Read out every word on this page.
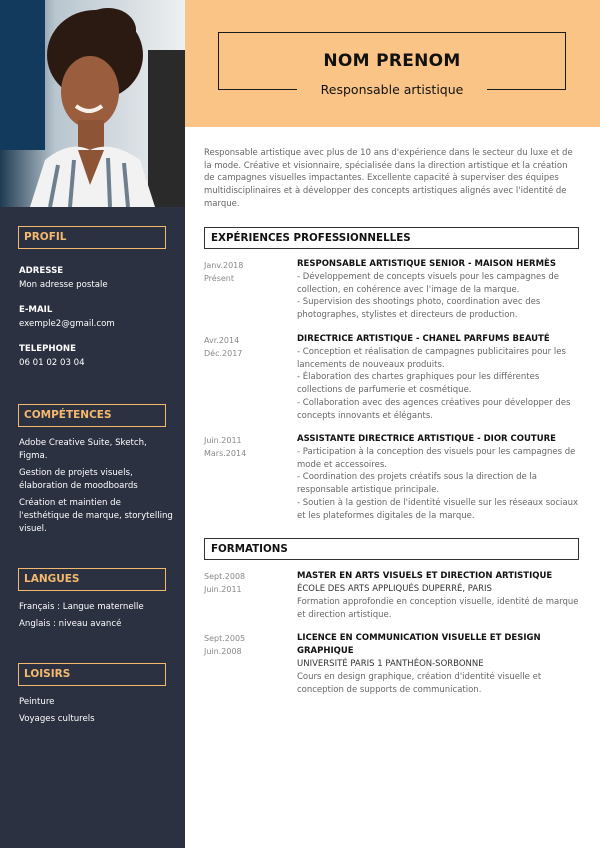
PROFIL
ADRESSE
Mon adresse postale
E-MAIL
exemple2@gmail.com
TELEPHONE
06 01 02 03 04
COMPÉTENCES
Adobe Creative Suite, Sketch, Figma.
Gestion de projets visuels, élaboration de moodboards
Création et maintien de l'esthétique de marque, storytelling visuel.
LANGUES
Français : Langue maternelle
Anglais : niveau avancé
LOISIRS
Peinture
Voyages culturels
NOM PRENOM
Responsable artistique
Responsable artistique avec plus de 10 ans d'expérience dans le secteur du luxe et de la mode. Créative et visionnaire, spécialisée dans la direction artistique et la création de campagnes visuelles impactantes. Excellente capacité à superviser des équipes multidisciplinaires et à développer des concepts artistiques alignés avec l'identité de marque.
EXPÉRIENCES PROFESSIONNELLES
Janv.2018
Présent
RESPONSABLE ARTISTIQUE SENIOR - MAISON HERMÈS
- Développement de concepts visuels pour les campagnes de collection, en cohérence avec l'image de la marque.
- Supervision des shootings photo, coordination avec des photographes, stylistes et directeurs de production.
Avr.2014
Déc.2017
DIRECTRICE ARTISTIQUE - CHANEL PARFUMS BEAUTÉ
- Conception et réalisation de campagnes publicitaires pour les lancements de nouveaux produits.
- Élaboration des chartes graphiques pour les différentes collections de parfumerie et cosmétique.
- Collaboration avec des agences créatives pour développer des concepts innovants et élégants.
Juin.2011
Mars.2014
ASSISTANTE DIRECTRICE ARTISTIQUE - DIOR COUTURE
- Participation à la conception des visuels pour les campagnes de mode et accessoires.
- Coordination des projets créatifs sous la direction de la responsable artistique principale.
- Soutien à la gestion de l'identité visuelle sur les réseaux sociaux et les plateformes digitales de la marque.
FORMATIONS
Sept.2008
Juin.2011
MASTER EN ARTS VISUELS ET DIRECTION ARTISTIQUE
ÉCOLE DES ARTS APPLIQUÉS DUPERRÉ, PARIS
Formation approfondie en conception visuelle, identité de marque et direction artistique.
Sept.2005
Juin.2008
LICENCE EN COMMUNICATION VISUELLE ET DESIGN GRAPHIQUE
UNIVERSITÉ PARIS 1 PANTHÉON-SORBONNE
Cours en design graphique, création d'identité visuelle et conception de supports de communication.
